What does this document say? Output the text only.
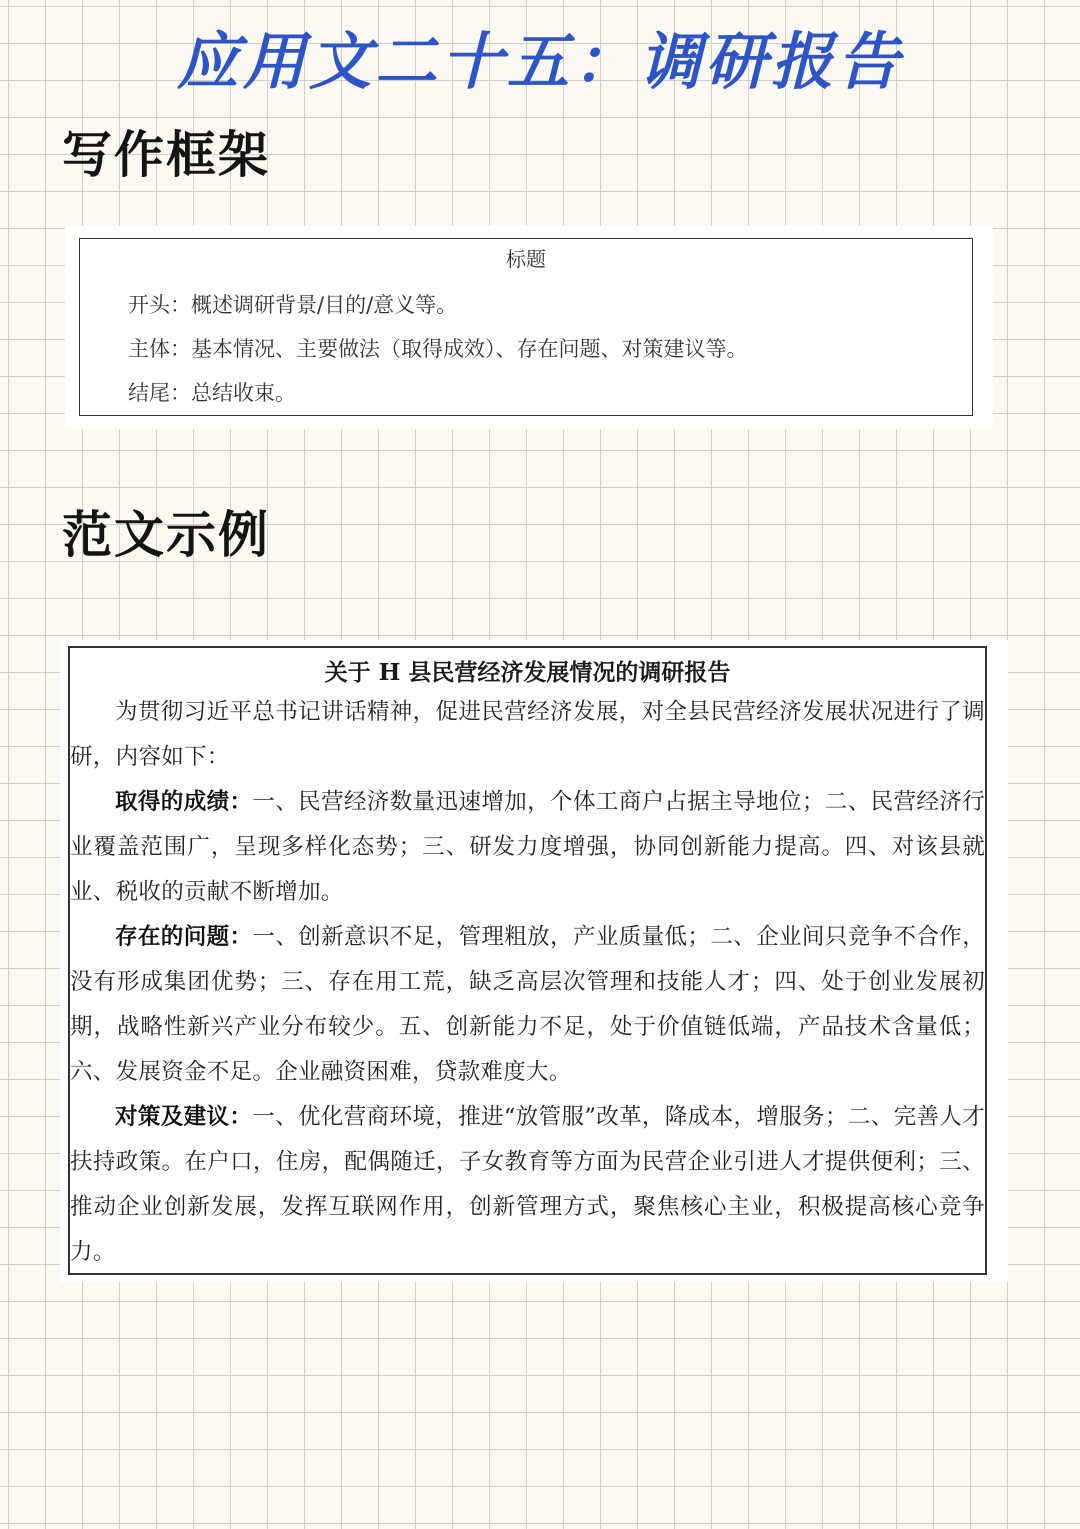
应用文二十五：调研报告
写作框架
标题
开头：概述调研背景/目的/意义等。
主体：基本情况、主要做法（取得成效）、存在问题、对策建议等。
结尾：总结收束。
范文示例
关于 H 县民营经济发展情况的调研报告

为贯彻习近平总书记讲话精神，促进民营经济发展，对全县民营经济发展状况进行了调研，内容如下：

取得的成绩：一、民营经济数量迅速增加，个体工商户占据主导地位；二、民营经济行业覆盖范围广，呈现多样化态势；三、研发力度增强，协同创新能力提高。四、对该县就业、税收的贡献不断增加。

存在的问题：一、创新意识不足，管理粗放，产业质量低；二、企业间只竞争不合作，没有形成集团优势；三、存在用工荒，缺乏高层次管理和技能人才；四、处于创业发展初期，战略性新兴产业分布较少。五、创新能力不足，处于价值链低端，产品技术含量低；六、发展资金不足。企业融资困难，贷款难度大。

对策及建议：一、优化营商环境，推进“放管服”改革，降成本，增服务；二、完善人才扶持政策。在户口，住房，配偶随迁，子女教育等方面为民营企业引进人才提供便利；三、推动企业创新发展，发挥互联网作用，创新管理方式，聚焦核心主业，积极提高核心竞争力。
